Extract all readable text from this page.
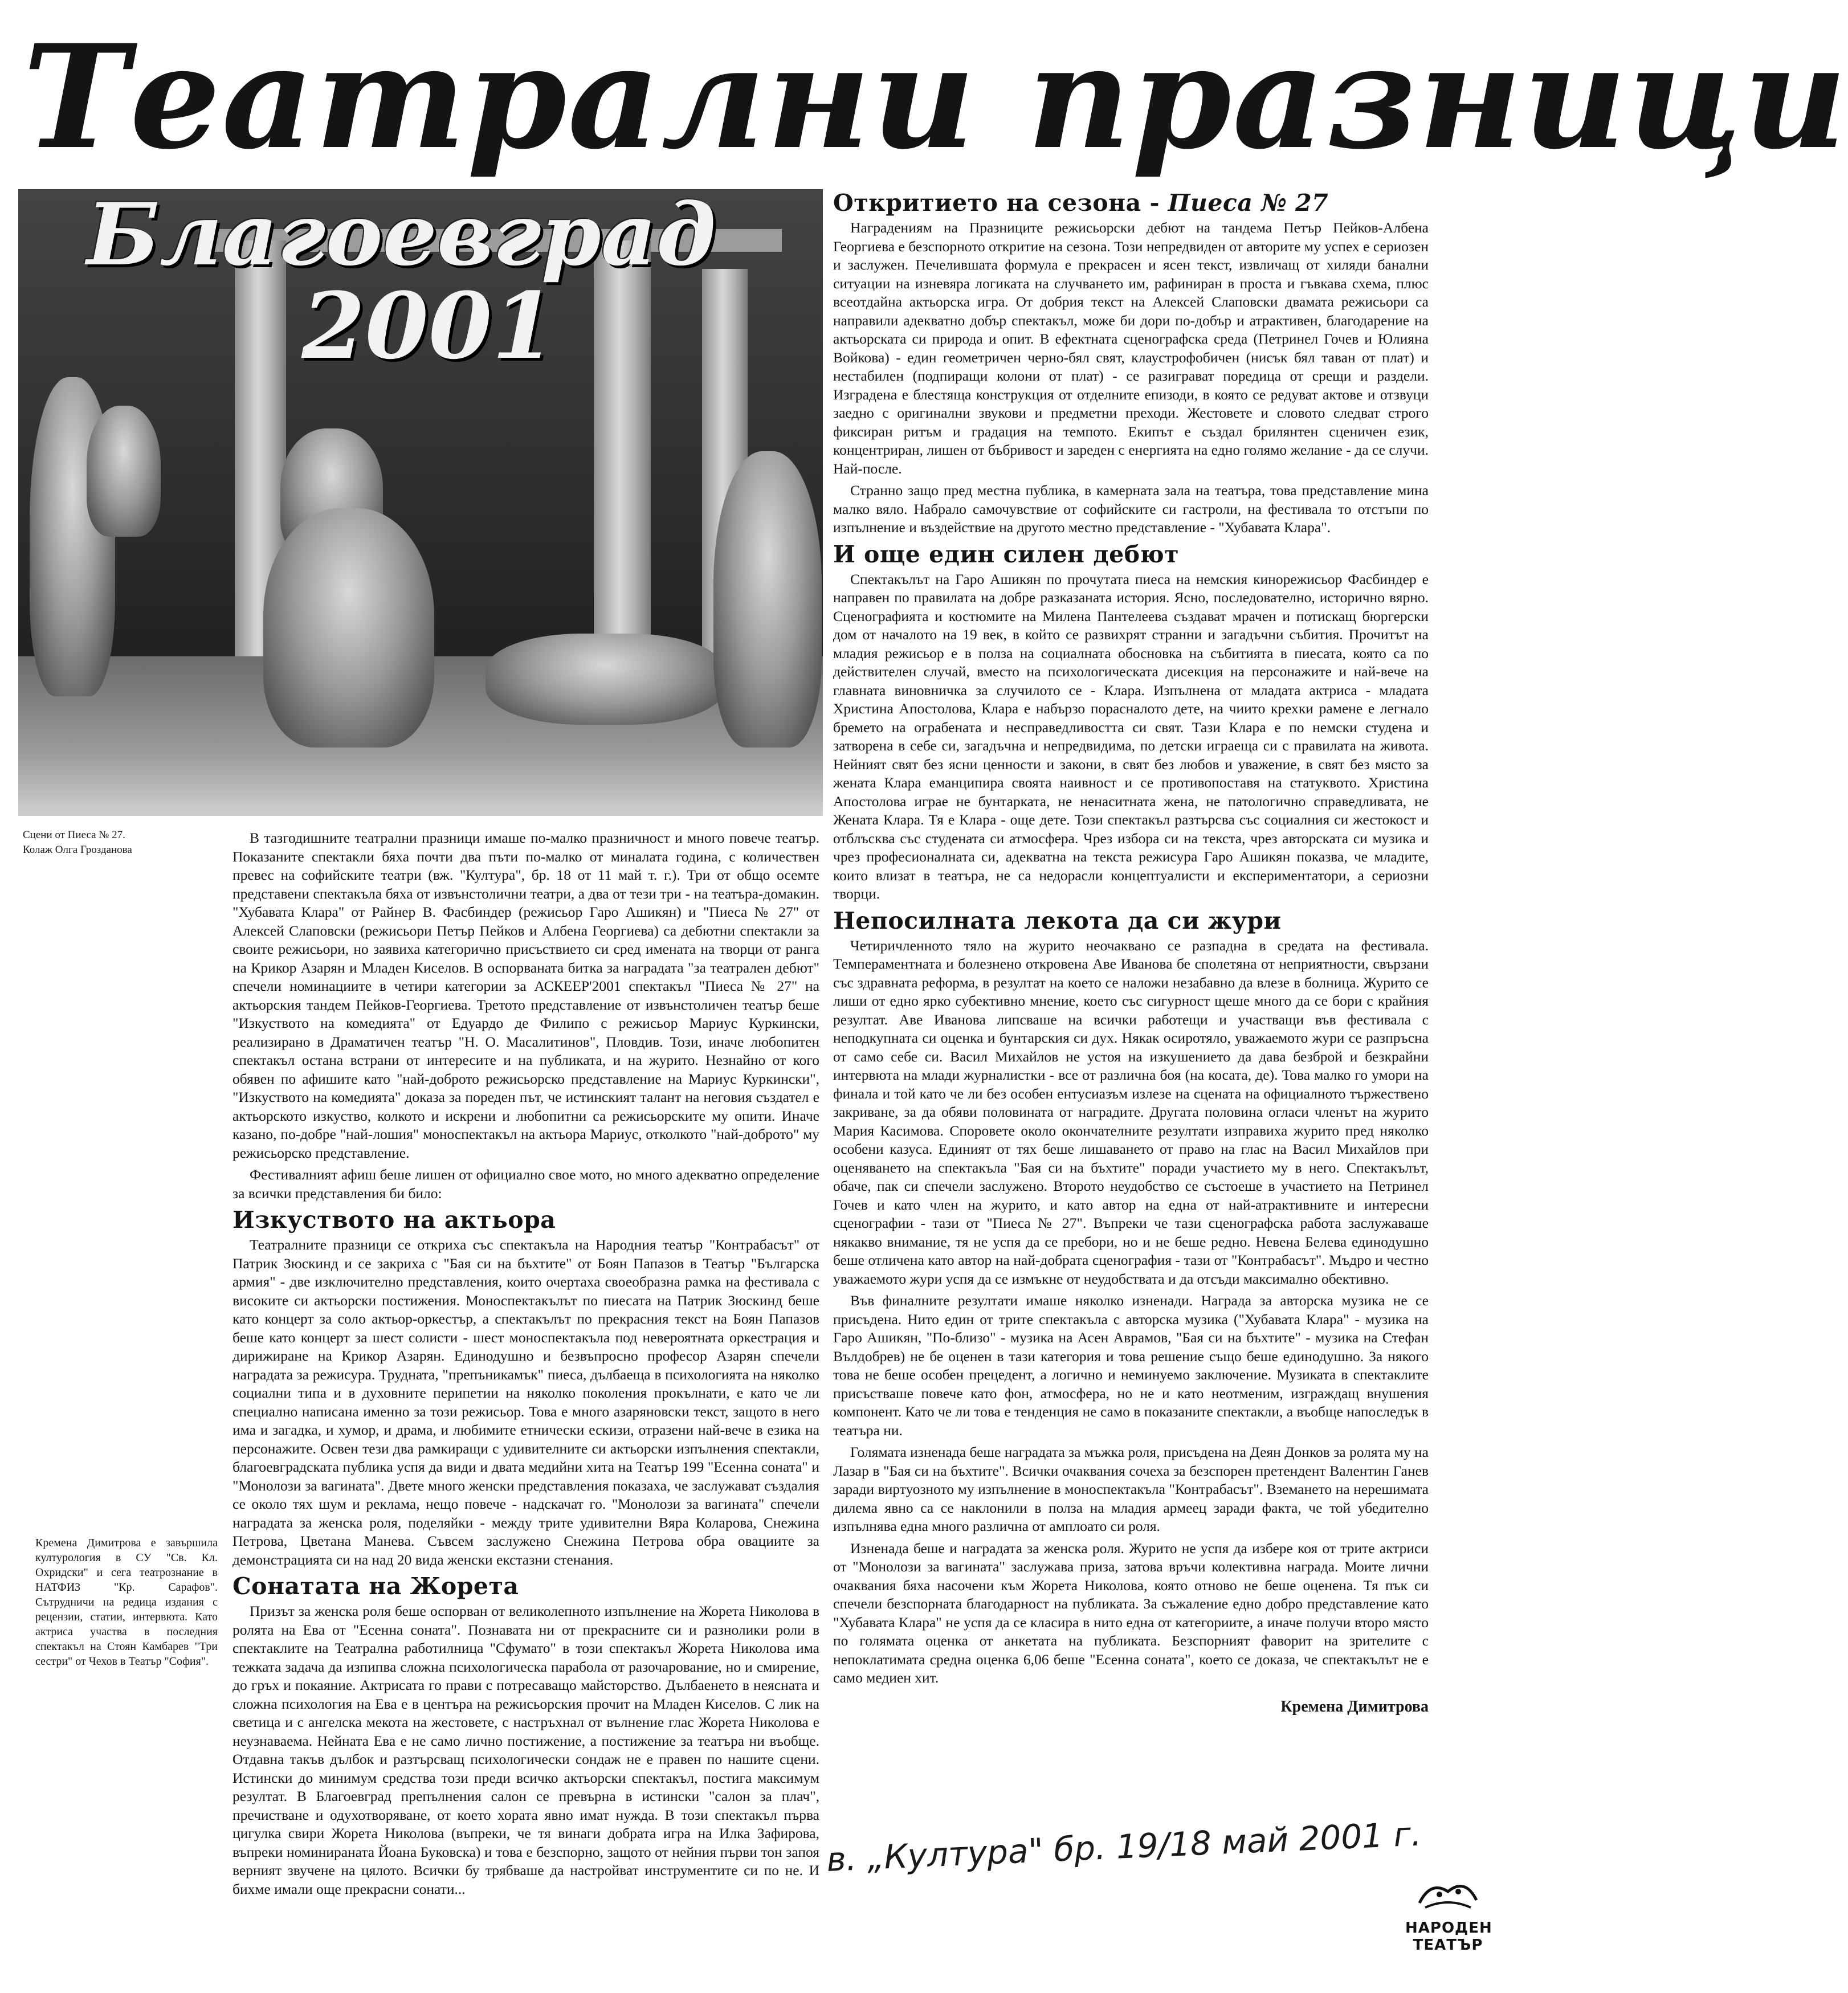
Театрални празници
Благоевград
2001
Сцени от Пиеса № 27.
Колаж Олга Грозданова
Откритието на сезона - Пиеса № 27

Наградениям на Празниците режисьорски дебют на тандема Петър Пейков-Албена Георгиева е безспорното откритие на сезона. Този непредвиден от авторите му успех е сериозен и заслужен. Печелившата формула е прекрасен и ясен текст, извличащ от хиляди банални ситуации на изневяра логиката на случването им, рафиниран в проста и гъвкава схема, плюс всеотдайна актьорска игра. От добрия текст на Алексей Слаповски двамата режисьори са направили адекватно добър спектакъл, може би дори по-добър и атрактивен, благодарение на актьорската си природа и опит. В ефектната сценографска среда (Петринел Гочев и Юлияна Войкова) - един геометричен черно-бял свят, клаустрофобичен (нисък бял таван от плат) и нестабилен (подпиращи колони от плат) - се разиграват поредица от срещи и раздели. Изградена е блестяща конструкция от отделните епизоди, в която се редуват актове и отзвуци заедно с оригинални звукови и предметни преходи. Жестовете и словото следват строго фиксиран ритъм и градация на темпото. Екипът е създал брилянтен сценичен език, концентриран, лишен от бъбривост и зареден с енергията на едно голямо желание - да се случи. Най-после.

Странно защо пред местна публика, в камерната зала на театъра, това представление мина малко вяло. Набрало самочувствие от софийските си гастроли, на фестивала то отстъпи по изпълнение и въздействие на другото местно представление - "Хубавата Клара".

И още един силен дебют

Спектакълът на Гаро Ашикян по прочутата пиеса на немския кинорежисьор Фасбиндер е направен по правилата на добре разказаната история. Ясно, последователно, исторично вярно. Сценографията и костюмите на Милена Пантелеева създават мрачен и потискащ бюргерски дом от началото на 19 век, в който се развихрят странни и загадъчни събития. Прочитът на младия режисьор е в полза на социалната обосновка на събитията в пиесата, която са по действителен случай, вместо на психологическата дисекция на персонажите и най-вече на главната виновничка за случилото се - Клара. Изпълнена от младата актриса - младата Христина Апостолова, Клара е набързо порасналото дете, на чиито крехки рамене е легнало бремето на ограбената и несправедливостта си свят. Тази Клара е по немски студена и затворена в себе си, загадъчна и непредвидима, по детски играеща си с правилата на живота. Нейният свят без ясни ценности и закони, в свят без любов и уважение, в свят без място за жената Клара еманципира своята наивност и се противопоставя на статуквото. Христина Апостолова играе не бунтарката, не ненаситната жена, не патологично справедливата, не Жената Клара. Тя е Клара - още дете. Този спектакъл разтърсва със социалния си жестокост и отблъсква със студената си атмосфера. Чрез избора си на текста, чрез авторската си музика и чрез професионалната си, адекватна на текста режисура Гаро Ашикян показва, че младите, които влизат в театъра, не са недорасли концептуалисти и експериментатори, а сериозни творци.

Непосилната лекота да си жури

Четиричленното тяло на журито неочаквано се разпадна в средата на фестивала. Темпераментната и болезнено откровена Аве Иванова бе сполетяна от неприятности, свързани със здравната реформа, в резултат на което се наложи незабавно да влезе в болница. Журито се лиши от едно ярко субективно мнение, което със сигурност щеше много да се бори с крайния резултат. Аве Иванова липсваше на всички работещи и участващи във фестивала с неподкупната си оценка и бунтарския си дух. Някак осиротяло, уважаемото жури се разпръсна от само себе си. Васил Михайлов не устоя на изкушението да дава безброй и безкрайни интервюта на млади журналистки - все от различна боя (на косата, де). Това малко го умори на финала и той като че ли без особен ентусиазъм излезе на сцената на официалното тържествено закриване, за да обяви половината от наградите. Другата половина огласи членът на журито Мария Касимова. Споровете около окончателните резултати изправиха журито пред няколко особени казуса. Единият от тях беше лишаването от право на глас на Васил Михайлов при оценяването на спектакъла "Бая си на бъхтите" поради участието му в него. Спектакълът, обаче, пак си спечели заслужено. Второто неудобство се състоеше в участието на Петринел Гочев и като член на журито, и като автор на една от най-атрактивните и интересни сценографии - тази от "Пиеса № 27". Въпреки че тази сценографска работа заслужаваше някакво внимание, тя не успя да се пребори, но и не беше редно. Невена Белева единодушно беше отличена като автор на най-добрата сценография - тази от "Контрабасът". Мъдро и честно уважаемото жури успя да се измъкне от неудобствата и да отсъди максимално обективно.

Във финалните резултати имаше няколко изненади. Награда за авторска музика не се присъдена. Нито един от трите спектакъла с авторска музика ("Хубавата Клара" - музика на Гаро Ашикян, "По-близо" - музика на Асен Аврамов, "Бая си на бъхтите" - музика на Стефан Вълдобрев) не бе оценен в тази категория и това решение също беше единодушно. За някого това не беше особен прецедент, а логично и неминуемо заключение. Музиката в спектаклите присъстваше повече като фон, атмосфера, но не и като неотменим, изграждащ внушения компонент. Като че ли това е тенденция не само в показаните спектакли, а въобще напоследък в театъра ни.

Голямата изненада беше наградата за мъжка роля, присъдена на Деян Донков за ролята му на Лазар в "Бая си на бъхтите". Всички очаквания сочеха за безспорен претендент Валентин Ганев заради виртуозното му изпълнение в моноспектакъла "Контрабасът". Вземането на нерешимата дилема явно са се наклонили в полза на младия армеец заради факта, че той убедително изпълнява една много различна от амплоато си роля.

Изненада беше и наградата за женска роля. Журито не успя да избере коя от трите актриси от "Монолози за вагината" заслужава приза, затова връчи колективна награда. Моите лични очаквания бяха насочени към Жорета Николова, която отново не беше оценена. Тя пък си спечели безспорната благодарност на публиката. За съжаление едно добро представление като "Хубавата Клара" не успя да се класира в нито една от категориите, а иначе получи второ място по голямата оценка от анкетата на публиката. Безспорният фаворит на зрителите с непоклатимата средна оценка 6,06 беше "Есенна соната", което се доказа, че спектакълът не е само медиен хит.

Кремена Димитрова

В тазгодишните театрални празници имаше по-малко празничност и много повече театър. Показаните спектакли бяха почти два пъти по-малко от миналата година, с количествен превес на софийските театри (вж. "Култура", бр. 18 от 11 май т. г.). Три от общо осемте представени спектакъла бяха от извънстолични театри, а два от тези три - на театъра-домакин. "Хубавата Клара" от Райнер В. Фасбиндер (режисьор Гаро Ашикян) и "Пиеса № 27" от Алексей Слаповски (режисьори Петър Пейков и Албена Георгиева) са дебютни спектакли за своите режисьори, но заявиха категорично присъствието си сред имената на творци от ранга на Крикор Азарян и Младен Киселов. В оспорваната битка за наградата "за театрален дебют" спечели номинациите в четири категории за АСКЕЕР'2001 спектакъл "Пиеса № 27" на актьорския тандем Пейков-Георгиева. Третото представление от извънстоличен театър беше "Изкуството на комедията" от Едуардо де Филипо с режисьор Мариус Куркински, реализирано в Драматичен театър "Н. О. Масалитинов", Пловдив. Този, иначе любопитен спектакъл остана встрани от интересите и на публиката, и на журито. Незнайно от кого обявен по афишите като "най-доброто режисьорско представление на Мариус Куркински", "Изкуството на комедията" доказа за пореден път, че истинският талант на неговия създател е актьорското изкуство, колкото и искрени и любопитни са режисьорските му опити. Иначе казано, по-добре "най-лошия" моноспектакъл на актьора Мариус, отколкото "най-доброто" му режисьорско представление.

Фестивалният афиш беше лишен от официално свое мото, но много адекватно определение за всички представления би било:

Изкуството на актьора

Театралните празници се откриха със спектакъла на Народния театър "Контрабасът" от Патрик Зюскинд и се закриха с "Бая си на бъхтите" от Боян Папазов в Театър "Българска армия" - две изключително представления, които очертаха своеобразна рамка на фестивала с високите си актьорски постижения. Моноспектакълът по пиесата на Патрик Зюскинд беше като концерт за соло актьор-оркестър, а спектакълът по прекрасния текст на Боян Папазов беше като концерт за шест солисти - шест моноспектакъла под невероятната оркестрация и дирижиране на Крикор Азарян. Единодушно и безвъпросно професор Азарян спечели наградата за режисура. Трудната, "препъникамък" пиеса, дълбаеща в психологията на няколко социални типа и в духовните перипетии на няколко поколения прокълнати, е като че ли специално написана именно за този режисьор. Това е много азаряновски текст, защото в него има и загадка, и хумор, и драма, и любимите етнически ескизи, отразени най-вече в езика на персонажите. Освен тези два рамкиращи с удивителните си актьорски изпълнения спектакли, благоевградската публика успя да види и двата медийни хита на Театър 199 "Есенна соната" и "Монолози за вагината". Двете много женски представления показаха, че заслужават създалия се около тях шум и реклама, нещо повече - надскачат го. "Монолози за вагината" спечели наградата за женска роля, поделяйки - между трите удивителни Вяра Коларова, Снежина Петрова, Цветана Маневa. Съвсем заслужено Снежина Петрова обра овациите за демонстрацията си на над 20 вида женски екстазни стенания.

Сонатата на Жорета

Призът за женска роля беше оспорван от великолепното изпълнение на Жорета Николова в ролята на Ева от "Есенна соната". Познавата ни от прекрасните си и разнолики роли в спектаклите на Театрална работилница "Сфумато" в този спектакъл Жорета Николова има тежката задача да изпипва сложна психологическа парабола от разочарование, но и смирение, до гръх и покаяние. Актрисата го прави с потресаващо майсторство. Дълбаенето в неясната и сложна психология на Ева е в центъра на режисьорския прочит на Младен Киселов. С лик на светица и с ангелска мекота на жестовете, с настръхнал от вълнение глас Жорета Николова е неузнаваема. Нейната Ева е не само лично постижение, а постижение за театъра ни въобще. Отдавна такъв дълбок и разтърсващ психологически сондаж не е правен по нашите сцени. Истински до минимум средства този преди всичко актьорски спектакъл, постига максимум резултат. В Благоевград препълнения салон се превърна в истински "салон за плач", пречистване и одухотворяване, от което хората явно имат нужда. В този спектакъл първа цигулка свири Жорета Николова (въпреки, че тя винаги добрата игра на Илка Зафирова, въпреки номинираната Йоана Буковска) и това е безспорно, защото от нейния първи тон запоя верният звучене на цялото. Всички бу трябваше да настройват инструментите си по не. И бихме имали още прекрасни сонати...

Кремена Димитрова е завършила културология в СУ "Св. Кл. Охридски" и сега театрознание в НАТФИЗ "Кр. Сарафов". Сътрудничи на редица издания с рецензии, статии, интервюта. Като актриса участва в последния спектакъл на Стоян Камбарев "Три сестри" от Чехов в Театър "София".
в. „Култура" бр. 19/18 май 2001 г.
НАРОДЕН
ТЕАТЪР
